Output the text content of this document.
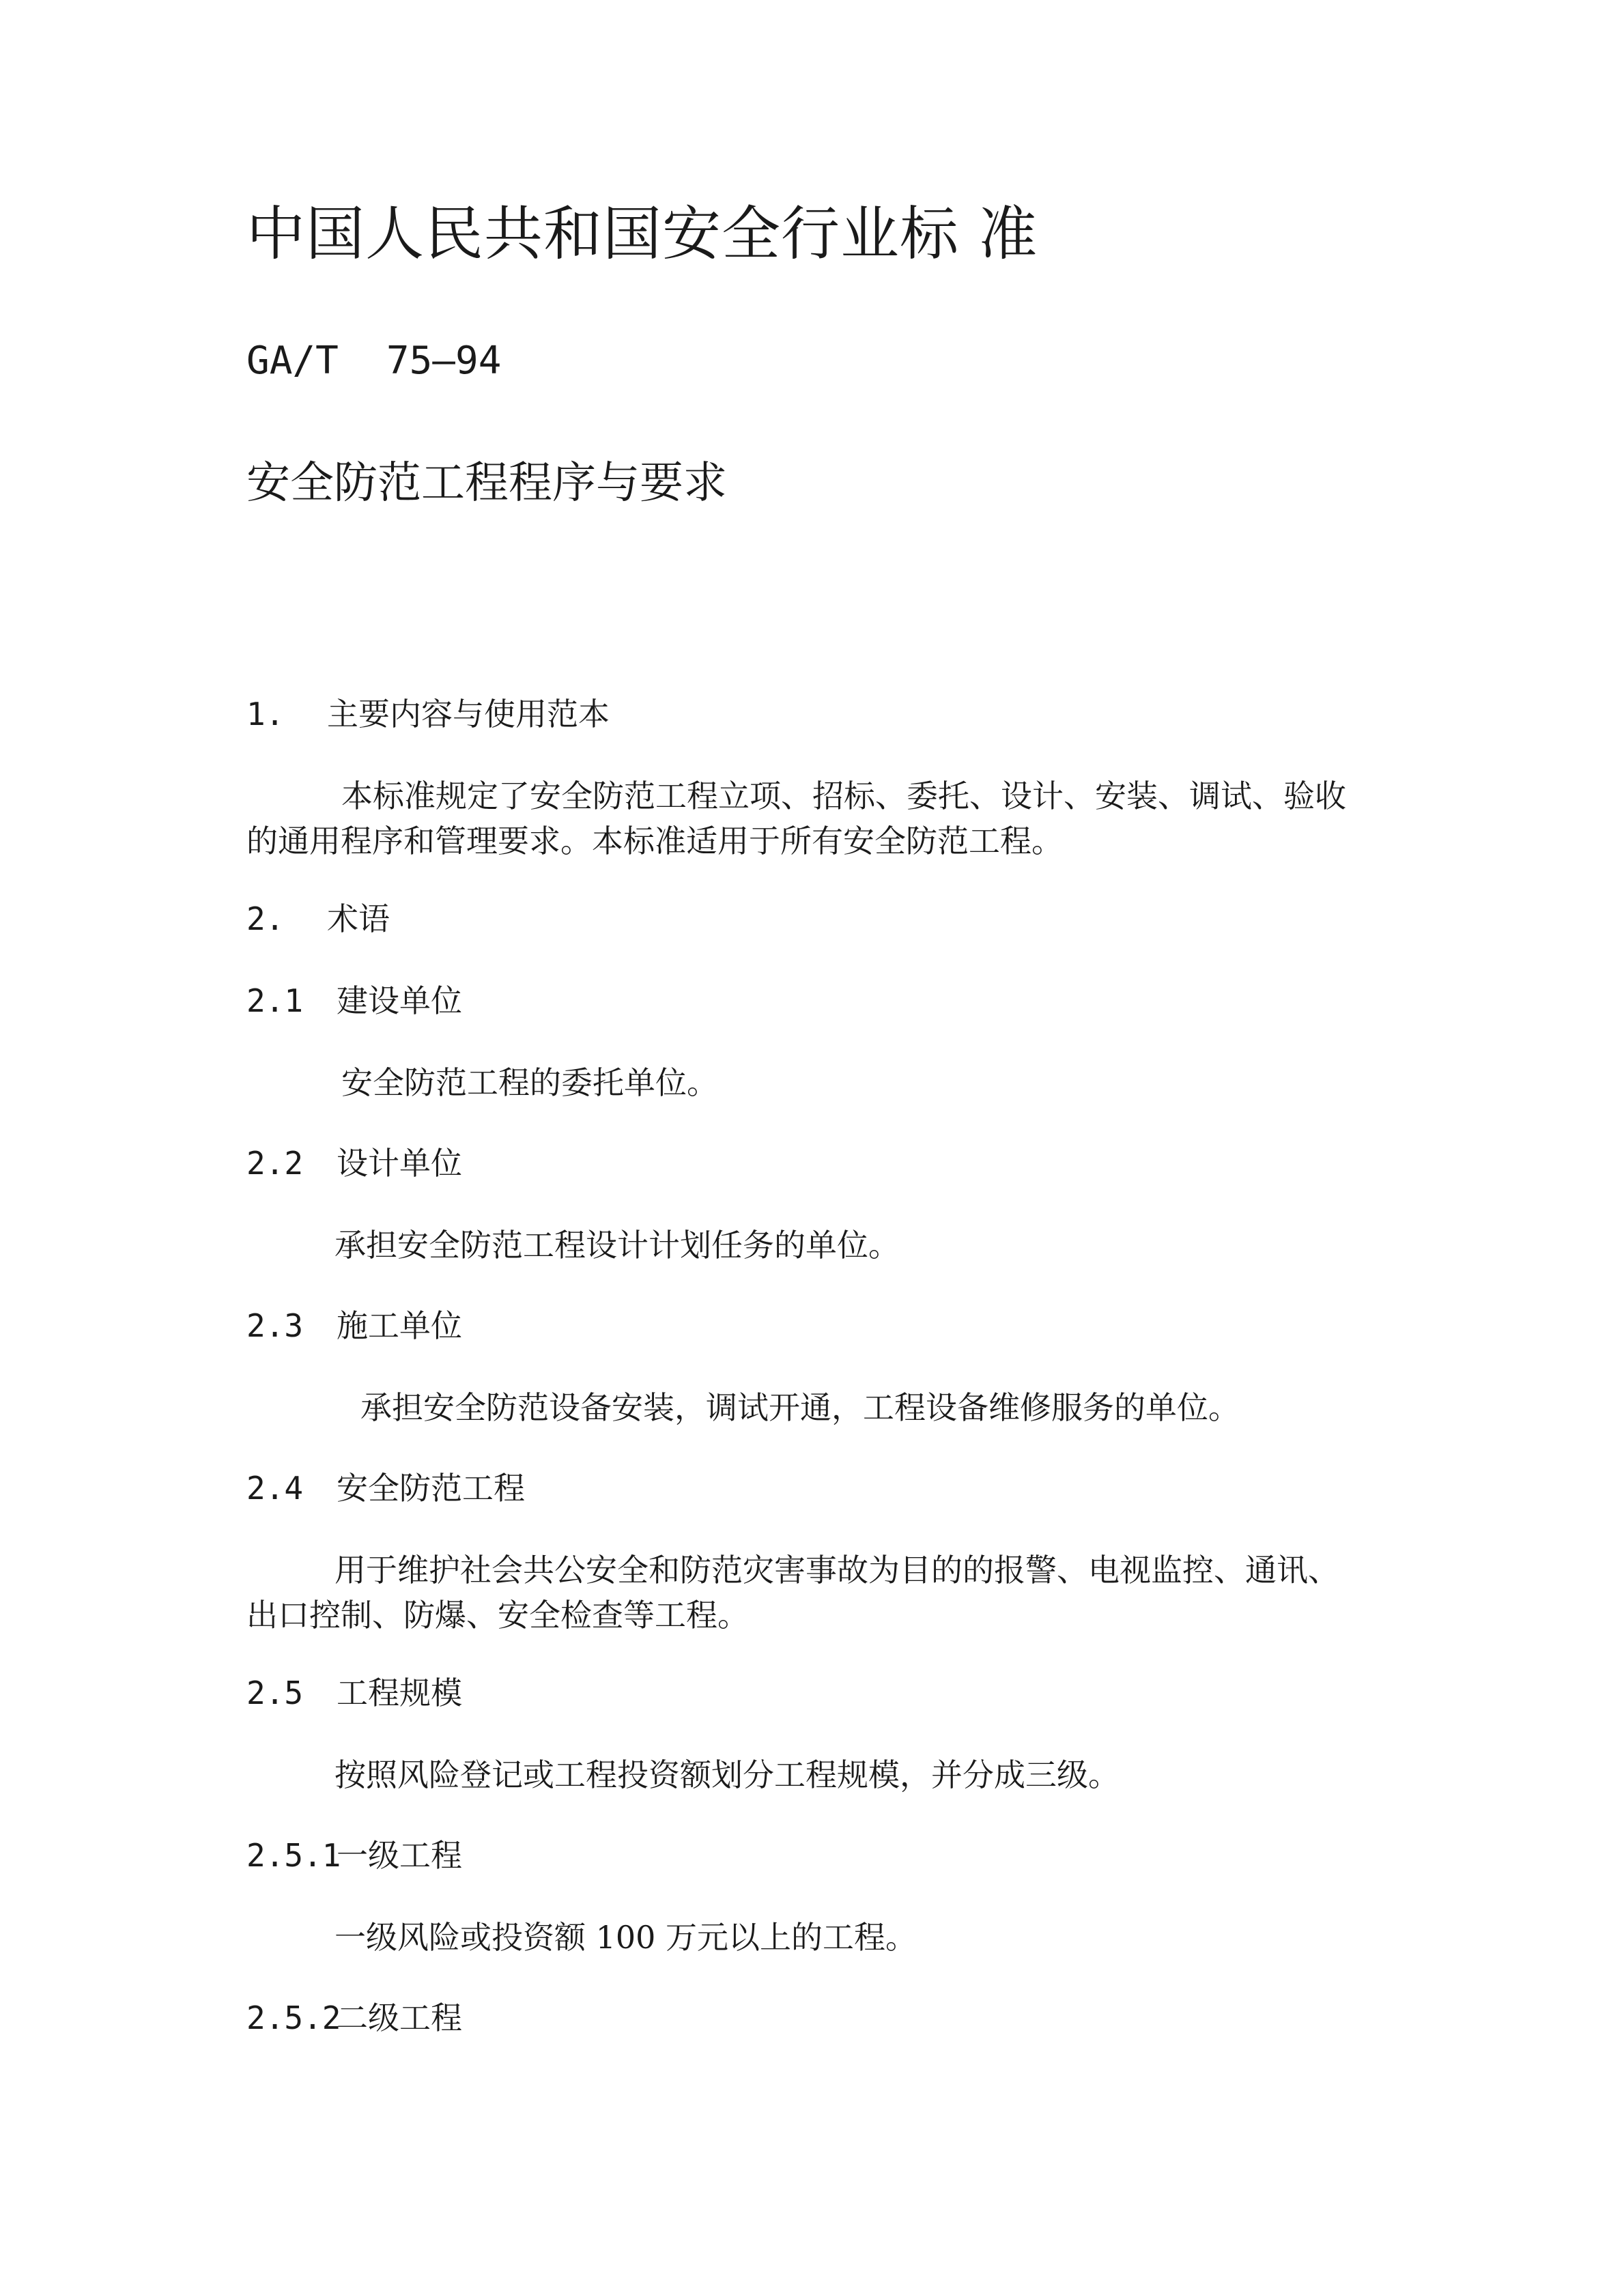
中国人民共和国安全行业标 准
GA/T 75—94
安全防范工程程序与要求
1. 主要内容与使用范本
本标准规定了安全防范工程立项、招标、委托、设计、安装、调试、验收
的通用程序和管理要求。本标准适用于所有安全防范工程。
2. 术语
2.1 建设单位
安全防范工程的委托单位。
2.2 设计单位
承担安全防范工程设计计划任务的单位。
2.3 施工单位
承担安全防范设备安装，调试开通，工程设备维修服务的单位。
2.4 安全防范工程
用于维护社会共公安全和防范灾害事故为目的的报警、电视监控、通讯、
出口控制、防爆、安全检查等工程。
2.5 工程规模
按照风险登记或工程投资额划分工程规模，并分成三级。
2.5.1一级工程
一级风险或投资额 100 万元以上的工程。
2.5.2二级工程
